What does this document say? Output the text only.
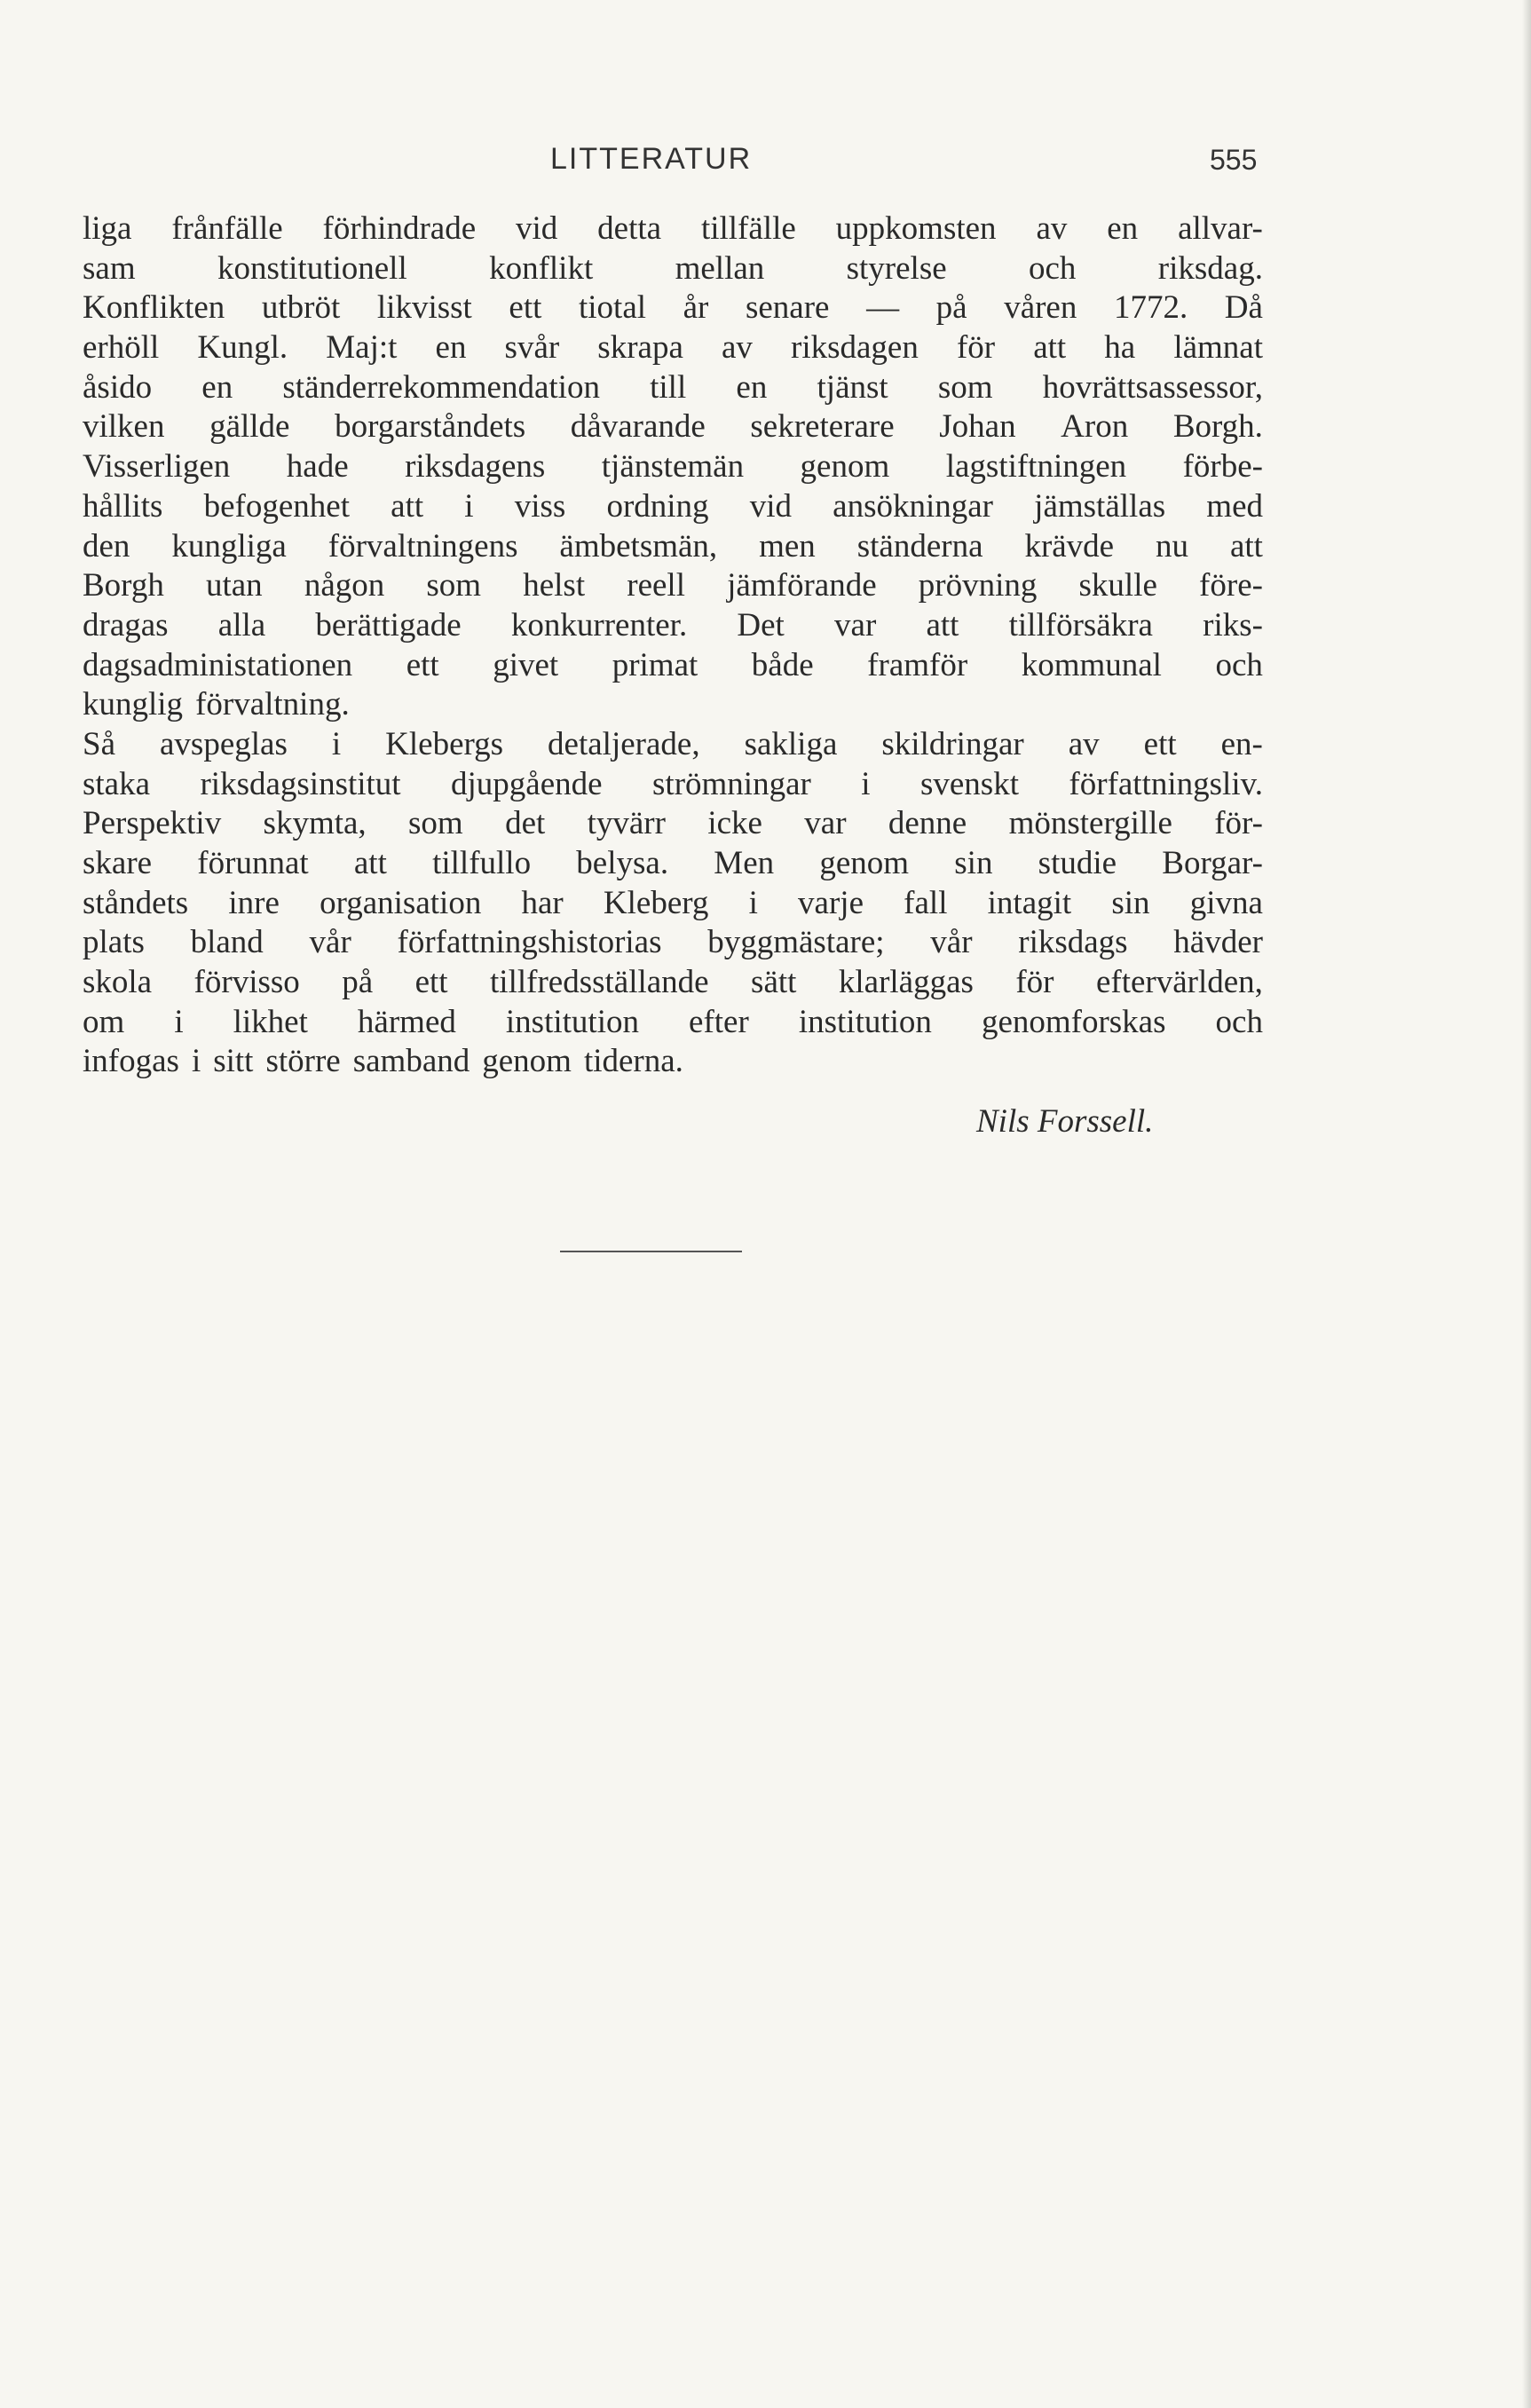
LITTERATUR	555
liga frånfälle förhindrade vid detta tillfälle uppkomsten av en allvar-
sam konstitutionell konflikt mellan styrelse och riksdag.
Konflikten utbröt likvisst ett tiotal år senare — på våren 1772. Då
erhöll Kungl. Maj:t en svår skrapa av riksdagen för att ha lämnat
åsido en ständerrekommendation till en tjänst som hovrättsassessor,
vilken gällde borgarståndets dåvarande sekreterare Johan Aron Borgh.
Visserligen hade riksdagens tjänstemän genom lagstiftningen förbe-
hållits befogenhet att i viss ordning vid ansökningar jämställas med
den kungliga förvaltningens ämbetsmän, men ständerna krävde nu att
Borgh utan någon som helst reell jämförande prövning skulle före-
dragas alla berättigade konkurrenter. Det var att tillförsäkra riks-
dagsadministationen ett givet primat både framför kommunal och
kunglig förvaltning.
Så avspeglas i Klebergs detaljerade, sakliga skildringar av ett en-
staka riksdagsinstitut djupgående strömningar i svenskt författningsliv.
Perspektiv skymta, som det tyvärr icke var denne mönstergille för-
skare förunnat att tillfullo belysa. Men genom sin studie Borgar-
ståndets inre organisation har Kleberg i varje fall intagit sin givna
plats bland vår författningshistorias byggmästare; vår riksdags hävder
skola förvisso på ett tillfredsställande sätt klarläggas för eftervärlden,
om i likhet härmed institution efter institution genomforskas och
infogas i sitt större samband genom tiderna.
Nils Forssell.
